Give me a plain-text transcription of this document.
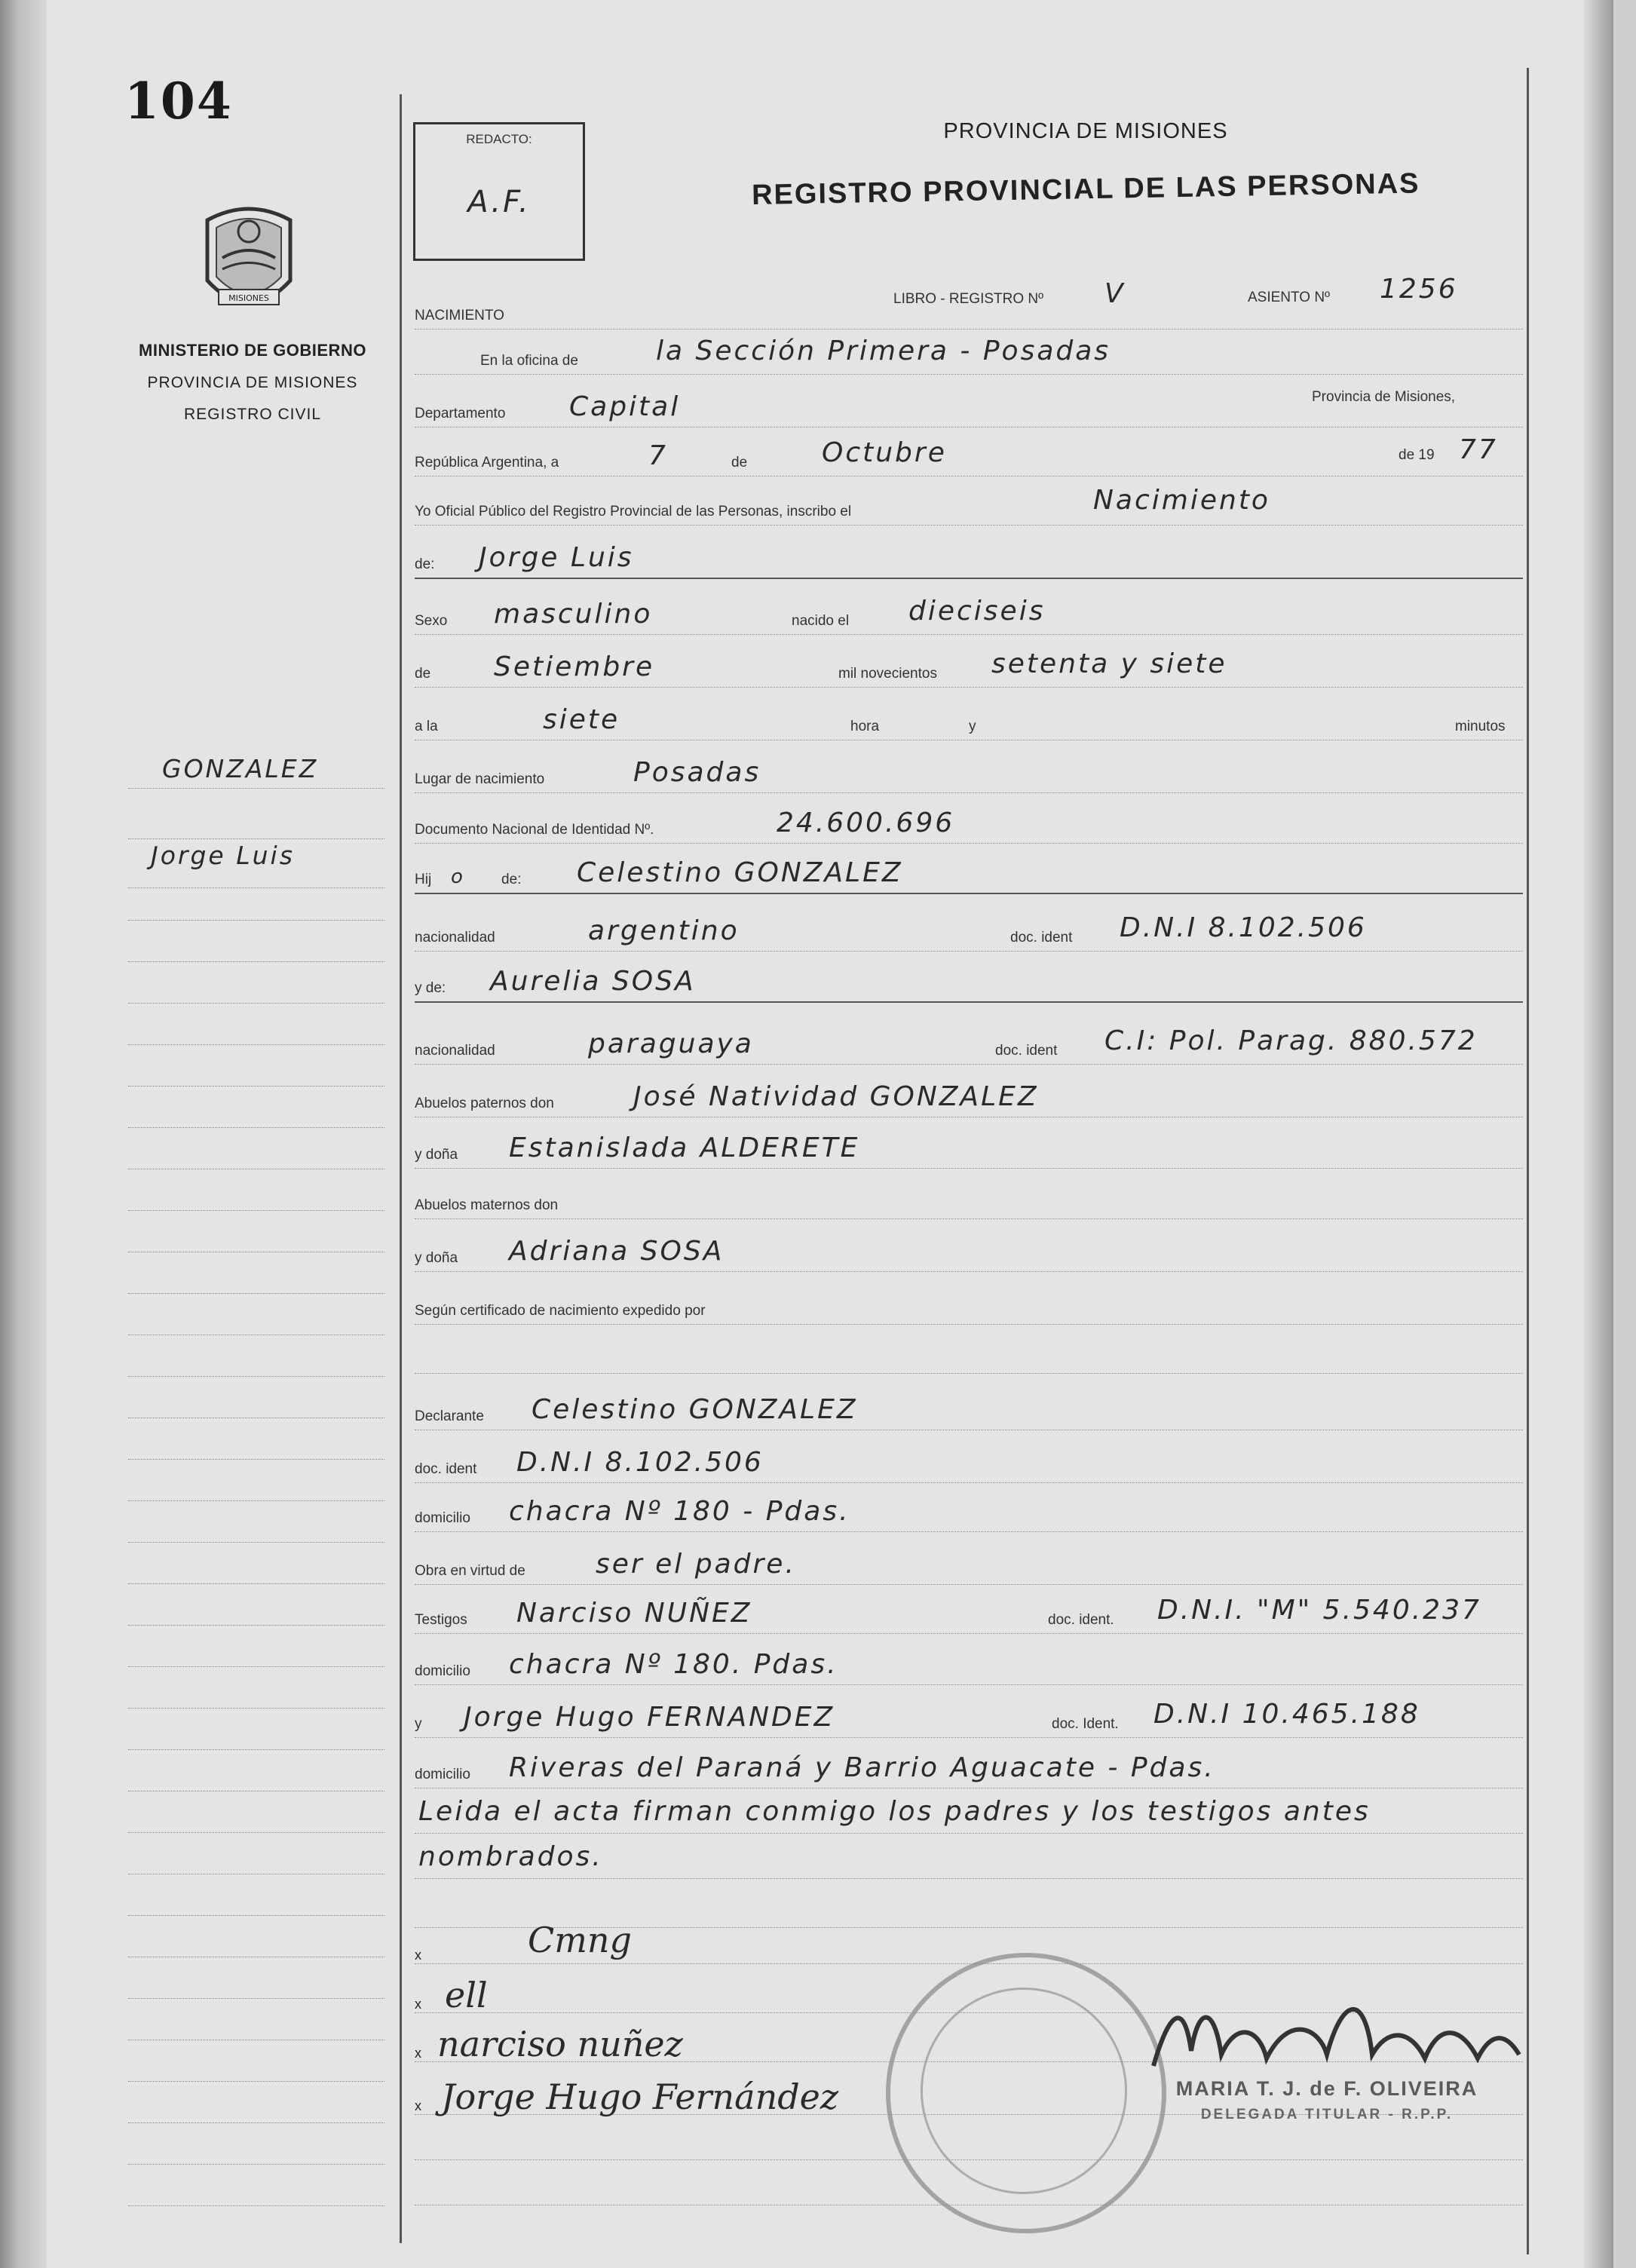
104
MISIONES
MINISTERIO DE GOBIERNO
PROVINCIA DE MISIONES
REGISTRO CIVIL
GONZALEZ
Jorge Luis
REDACTO:
A.F.
PROVINCIA DE MISIONES
REGISTRO PROVINCIAL DE LAS PERSONAS
NACIMIENTO
LIBRO - REGISTRO Nº V	ASIENTO Nº 1256
En la oficina de	la Sección Primera - Posadas
Departamento Capital	Provincia de Misiones,
República Argentina, a	7	de	Octubre	de 19 77
Yo Oficial Público del Registro Provincial de las Personas, inscribo el	Nacimiento
de: Jorge Luis
Sexo masculino	nacido el dieciseis
de Setiembre	mil novecientos setenta y siete
a la	siete	hora	y	minutos
Lugar de nacimiento	Posadas
Documento Nacional de Identidad Nº.	24.600.696
Hij o	de: Celestino GONZALEZ
nacionalidad	argentino	doc. ident D.N.I 8.102.506
y de: Aurelia SOSA
nacionalidad	paraguaya	doc. ident C.I: Pol. Parag. 880.572
Abuelos paternos don	José Natividad GONZALEZ
y doña Estanislada ALDERETE
Abuelos maternos don
y doña Adriana SOSA
Según certificado de nacimiento expedido por
Declarante Celestino GONZALEZ
doc. ident D.N.I 8.102.506
domicilio chacra Nº 180 - Pdas.
Obra en virtud de	ser el padre.
Testigos Narciso NUÑEZ	doc. ident. D.N.I. "M" 5.540.237
domicilio chacra Nº 180. Pdas.
y Jorge Hugo FERNANDEZ	doc. Ident. D.N.I 10.465.188
domicilio Riveras del Paraná y Barrio Aguacate - Pdas.
Leida el acta firman conmigo los padres y los testigos antes
nombrados.
x	Cmng
x ell
x narciso nuñez
x Jorge Hugo Fernández	MARIA T. J. de F. OLIVEIRA
DELEGADA TITULAR - R.P.P.
